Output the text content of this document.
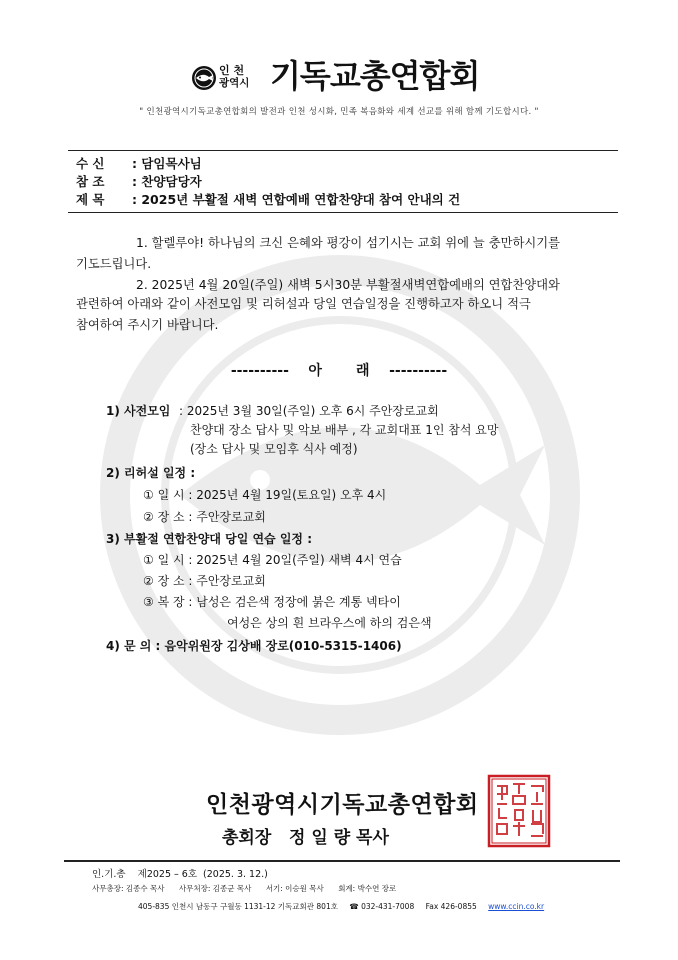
인 천
광역시 기독교총연합회
" 인천광역시기독교총연합회의 발전과 인천 성시화, 민족 복음화와 세계 선교를 위해 함께 기도합시다. "
수 신 : 담임목사님
참 조 : 찬양담당자
제 목 : 2025년 부활절 새벽 연합예배 연합찬양대 참여 안내의 건
1. 할렐루야! 하나님의 크신 은혜와 평강이 섬기시는 교회 위에 늘 충만하시기를
기도드립니다.
2. 2025년 4월 20일(주일) 새벽 5시30분 부활절새벽연합예배의 연합찬양대와
관련하여 아래와 같이 사전모임 및 리허설과 당일 연습일정을 진행하고자 하오니 적극
참여하여 주시기 바랍니다.
----------    아       래    ----------
1) 사전모임 : 2025년 3월 30일(주일) 오후 6시 주안장로교회
찬양대 장소 답사 및 악보 배부 , 각 교회대표 1인 참석 요망
(장소 답사 및 모임후 식사 예정)
2) 리허설 일정 :
① 일 시 : 2025년 4월 19일(토요일) 오후 4시
② 장 소 : 주안장로교회
3) 부활절 연합찬양대 당일 연습 일정 :
① 일 시 : 2025년 4월 20일(주일) 새벽 4시 연습
② 장 소 : 주안장로교회
③ 복 장 : 남성은 검은색 정장에 붉은 계통 넥타이
여성은 상의 흰 브라우스에 하의 검은색
4) 문 의 : 음악위원장 김상배 장로(010-5315-1406)
인천광역시기독교총연합회
총회장   정 일 량 목사
인.기.총    제2025 – 6호  (2025. 3. 12.)
사무총장: 김종수 목사 사무처장: 김종군 목사 서기: 이승원 목사 회계: 박수연 장로
405-835 인천시 남동구 구월동 1131-12 기독교회관 801호 ☎ 032-431-7008 Fax 426-0855 www.ccin.co.kr
